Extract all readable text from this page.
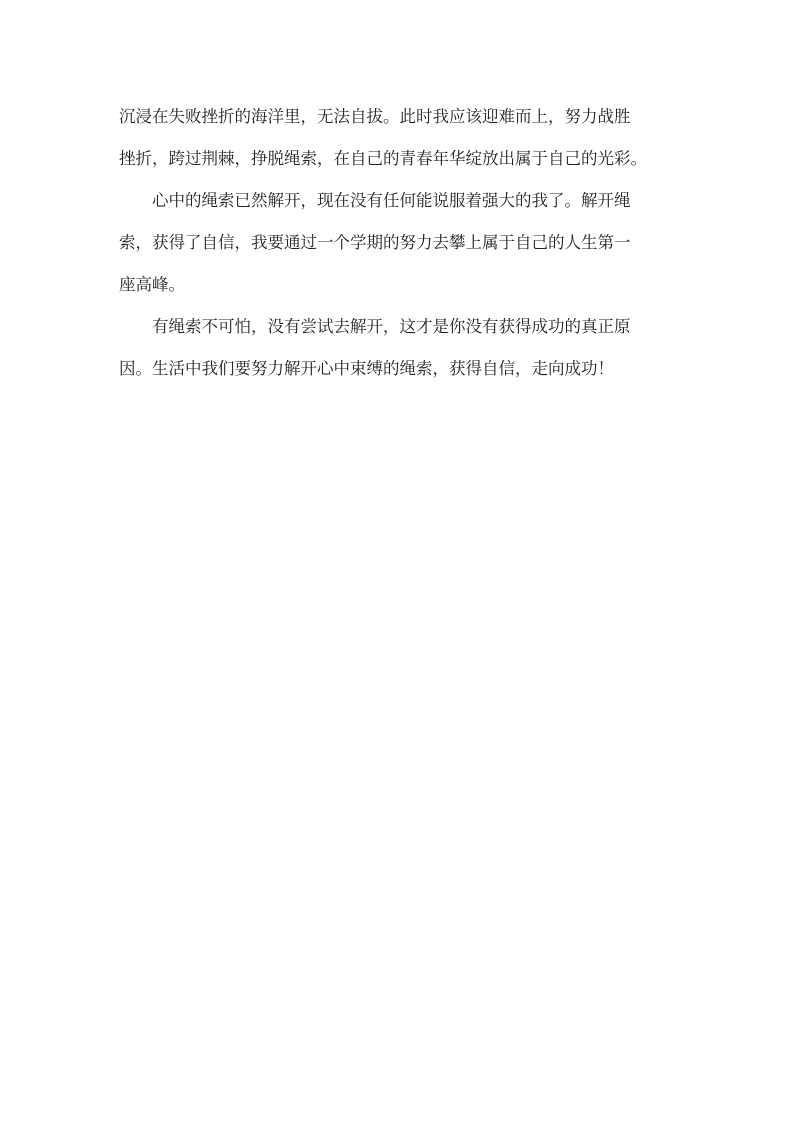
沉浸在失败挫折的海洋里，无法自拔。此时我应该迎难而上，努力战胜
挫折，跨过荆棘，挣脱绳索，在自己的青春年华绽放出属于自己的光彩。
心中的绳索已然解开，现在没有任何能说服着强大的我了。解开绳
索，获得了自信，我要通过一个学期的努力去攀上属于自己的人生第一
座高峰。
有绳索不可怕，没有尝试去解开，这才是你没有获得成功的真正原
因。生活中我们要努力解开心中束缚的绳索，获得自信，走向成功！
